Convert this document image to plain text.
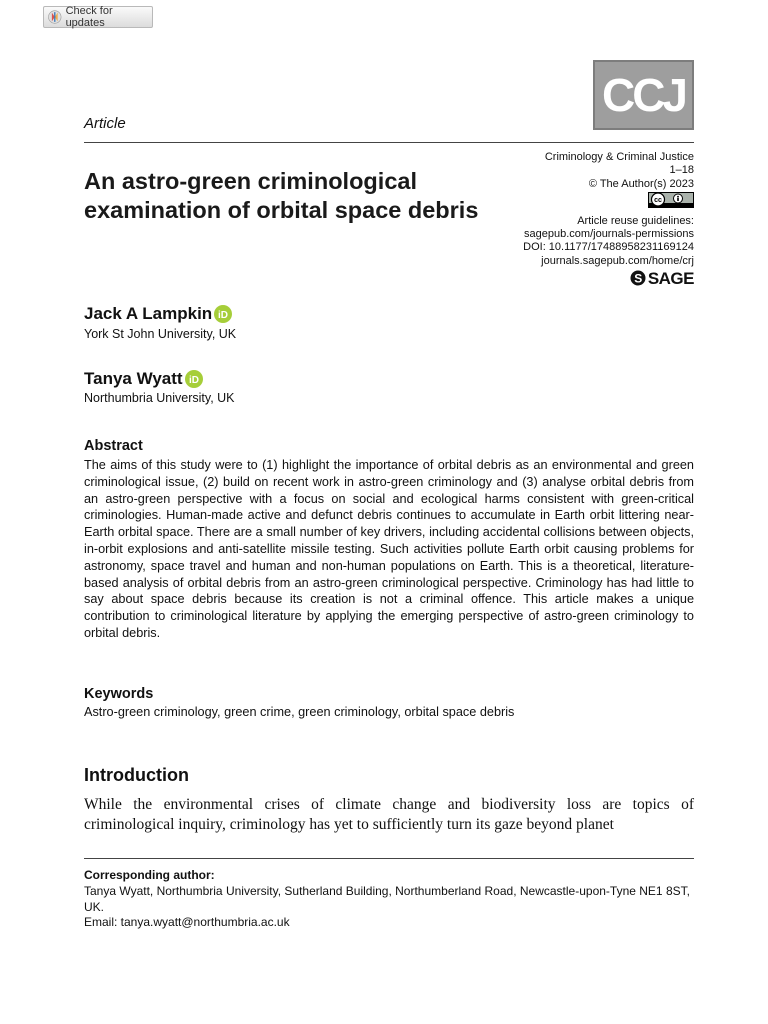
Check for updates
CCJ
Article
Criminology & Criminal Justice
1–18
© The Author(s) 2023
cc
Article reuse guidelines:
sagepub.com/journals-permissions
DOI: 10.1177/17488958231169124
journals.sagepub.com/home/crj
S SAGE
An astro-green criminological examination of orbital space debris
Jack A Lampkin iD
York St John University, UK
Tanya Wyatt iD
Northumbria University, UK
Abstract
The aims of this study were to (1) highlight the importance of orbital debris as an environmental and green criminological issue, (2) build on recent work in astro-green criminology and (3) analyse orbital debris from an astro-green perspective with a focus on social and ecological harms consistent with green-critical criminologies. Human-made active and defunct debris continues to accumulate in Earth orbit littering near-Earth orbital space. There are a small number of key drivers, including accidental collisions between objects, in-orbit explosions and anti-satellite missile testing. Such activities pollute Earth orbit causing problems for astronomy, space travel and human and non-human populations on Earth. This is a theoretical, literature-based analysis of orbital debris from an astro-green criminological perspective. Criminology has had little to say about space debris because its creation is not a criminal offence. This article makes a unique contribution to criminological literature by applying the emerging perspective of astro-green criminology to orbital debris.
Keywords
Astro-green criminology, green crime, green criminology, orbital space debris
Introduction
While the environmental crises of climate change and biodiversity loss are topics of criminological inquiry, criminology has yet to sufficiently turn its gaze beyond planet
Corresponding author:
Tanya Wyatt, Northumbria University, Sutherland Building, Northumberland Road, Newcastle-upon-Tyne NE1 8ST, UK.
Email: tanya.wyatt@northumbria.ac.uk
